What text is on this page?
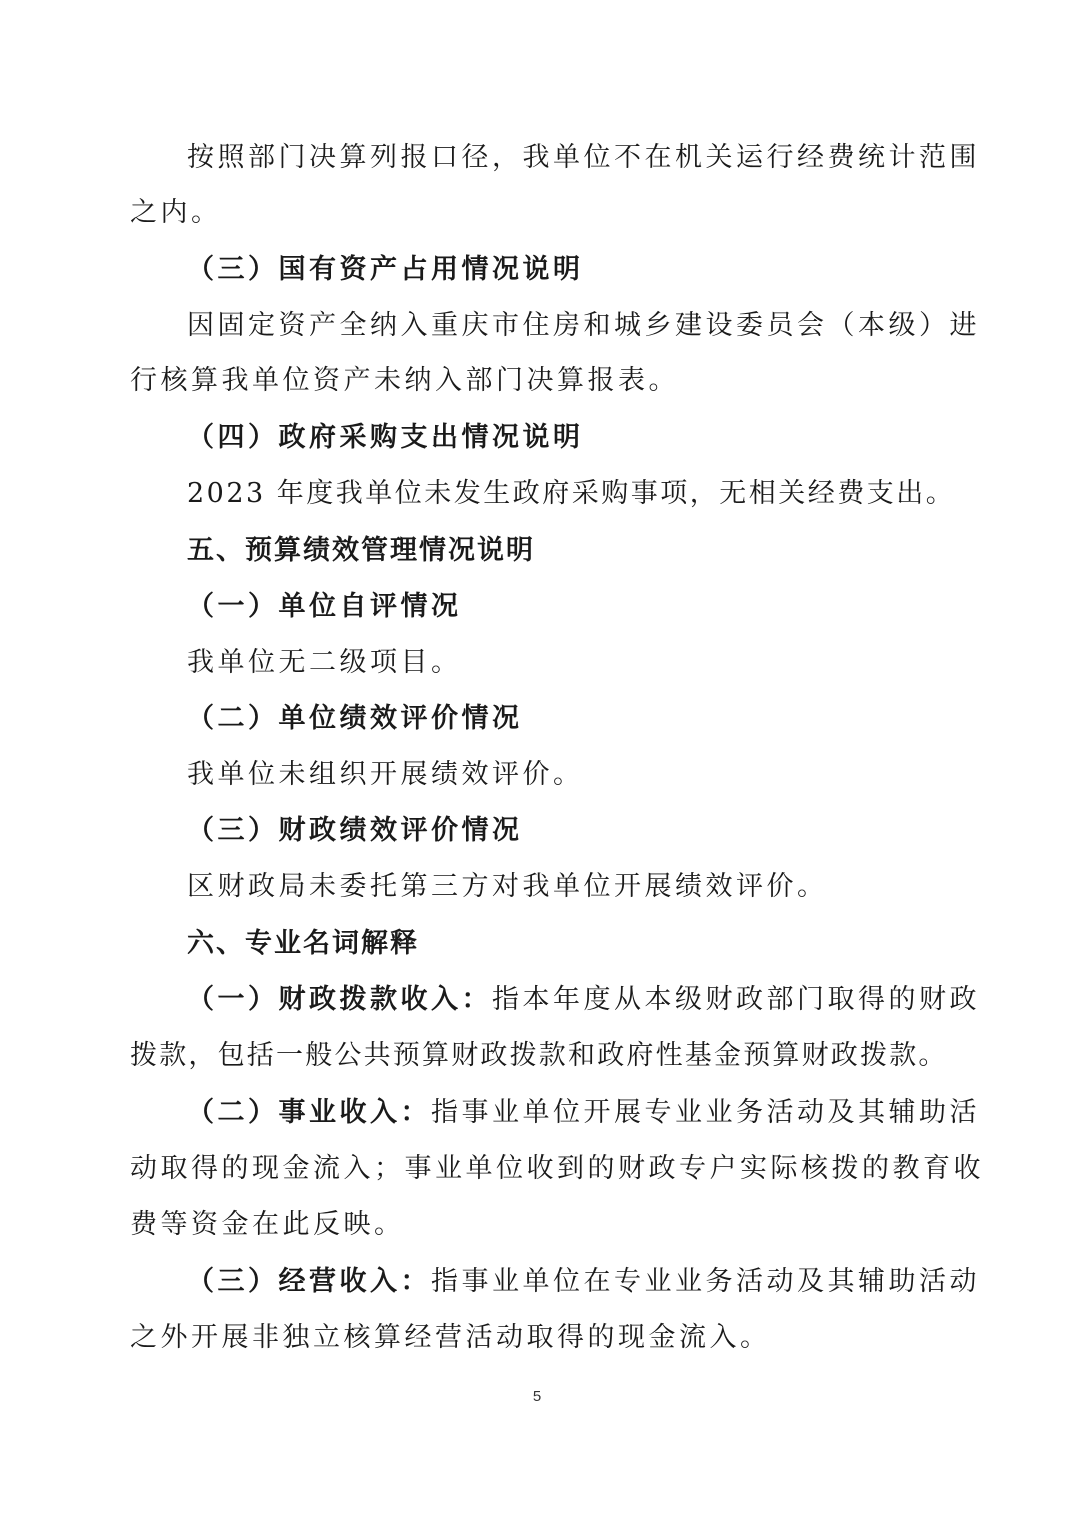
按照部门决算列报口径，我单位不在机关运行经费统计范围
之内。
（三）国有资产占用情况说明
因固定资产全纳入重庆市住房和城乡建设委员会（本级）进
行核算我单位资产未纳入部门决算报表。
（四）政府采购支出情况说明
2023 年度我单位未发生政府采购事项，无相关经费支出。
五、预算绩效管理情况说明
（一）单位自评情况
我单位无二级项目。
（二）单位绩效评价情况
我单位未组织开展绩效评价。
（三）财政绩效评价情况
区财政局未委托第三方对我单位开展绩效评价。
六、专业名词解释
（一）财政拨款收入：指本年度从本级财政部门取得的财政
拨款，包括一般公共预算财政拨款和政府性基金预算财政拨款。
（二）事业收入：指事业单位开展专业业务活动及其辅助活
动取得的现金流入；事业单位收到的财政专户实际核拨的教育收
费等资金在此反映。
（三）经营收入：指事业单位在专业业务活动及其辅助活动
之外开展非独立核算经营活动取得的现金流入。
5
